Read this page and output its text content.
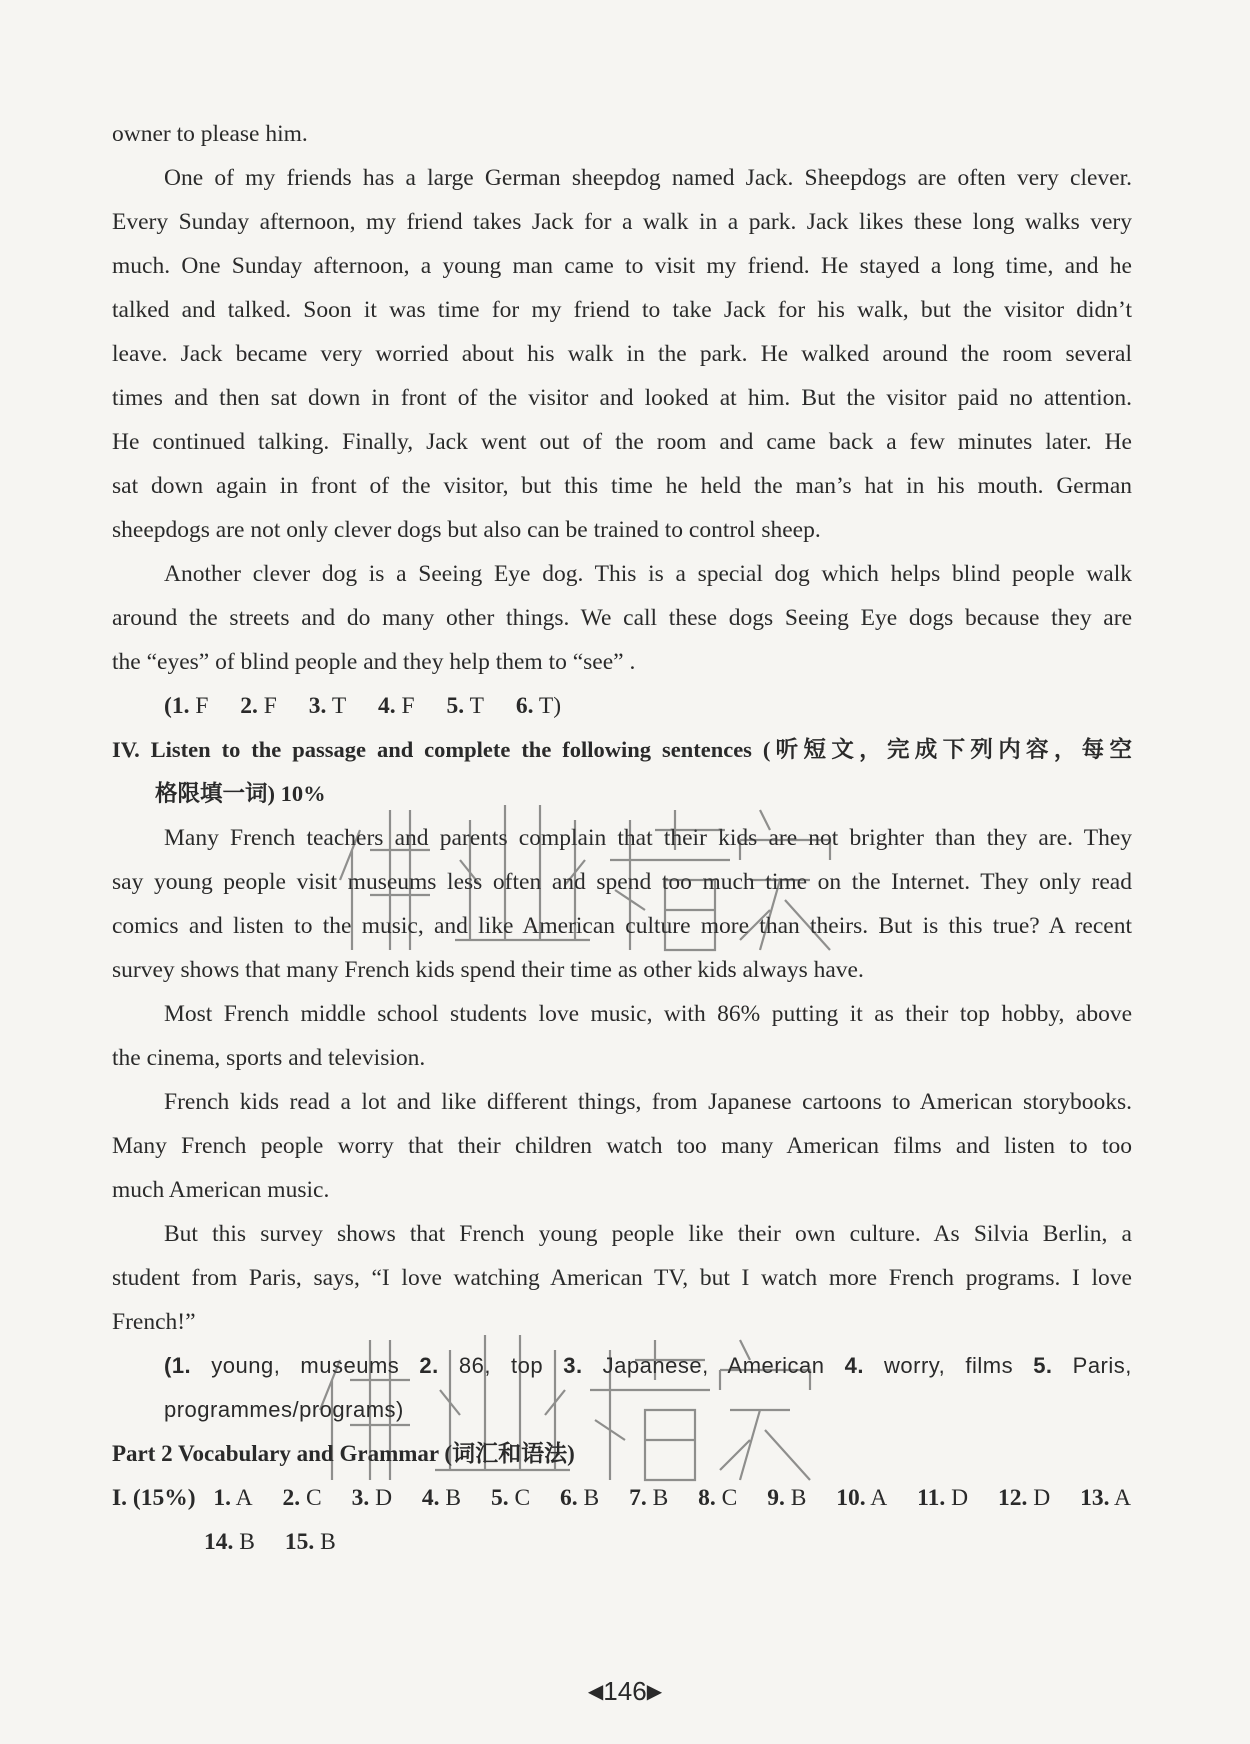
owner to please him.
One of my friends has a large German sheepdog named Jack. Sheepdogs are often very clever.
Every Sunday afternoon, my friend takes Jack for a walk in a park. Jack likes these long walks very
much. One Sunday afternoon, a young man came to visit my friend. He stayed a long time, and he
talked and talked. Soon it was time for my friend to take Jack for his walk, but the visitor didn’t
leave. Jack became very worried about his walk in the park. He walked around the room several
times and then sat down in front of the visitor and looked at him. But the visitor paid no attention.
He continued talking. Finally, Jack went out of the room and came back a few minutes later. He
sat down again in front of the visitor, but this time he held the man’s hat in his mouth. German
sheepdogs are not only clever dogs but also can be trained to control sheep.
Another clever dog is a Seeing Eye dog. This is a special dog which helps blind people walk
around the streets and do many other things. We call these dogs Seeing Eye dogs because they are
the “eyes” of blind people and they help them to “see” .
(1. F 2. F 3. T 4. F 5. T 6. T)
IV. Listen to the passage and complete the following sentences (听短文，完成下列内容，每空
格限填一词) 10%
Many French teachers and parents complain that their kids are not brighter than they are. They
say young people visit museums less often and spend too much time on the Internet. They only read
comics and listen to the music, and like American culture more than theirs. But is this true? A recent
survey shows that many French kids spend their time as other kids always have.
Most French middle school students love music, with 86% putting it as their top hobby, above
the cinema, sports and television.
French kids read a lot and like different things, from Japanese cartoons to American storybooks.
Many French people worry that their children watch too many American films and listen to too
much American music.
But this survey shows that French young people like their own culture. As Silvia Berlin, a
student from Paris, says, “I love watching American TV, but I watch more French programs. I love
French!”
(1. young, museums 2. 86, top 3. Japanese, American 4. worry, films 5. Paris,
programmes/programs)
Part 2 Vocabulary and Grammar (词汇和语法)
I. (15%) 1. A 2. C 3. D 4. B 5. C 6. B 7. B 8. C 9. B 10. A 11. D 12. D 13. A
14. B 15. B
◀146▶
